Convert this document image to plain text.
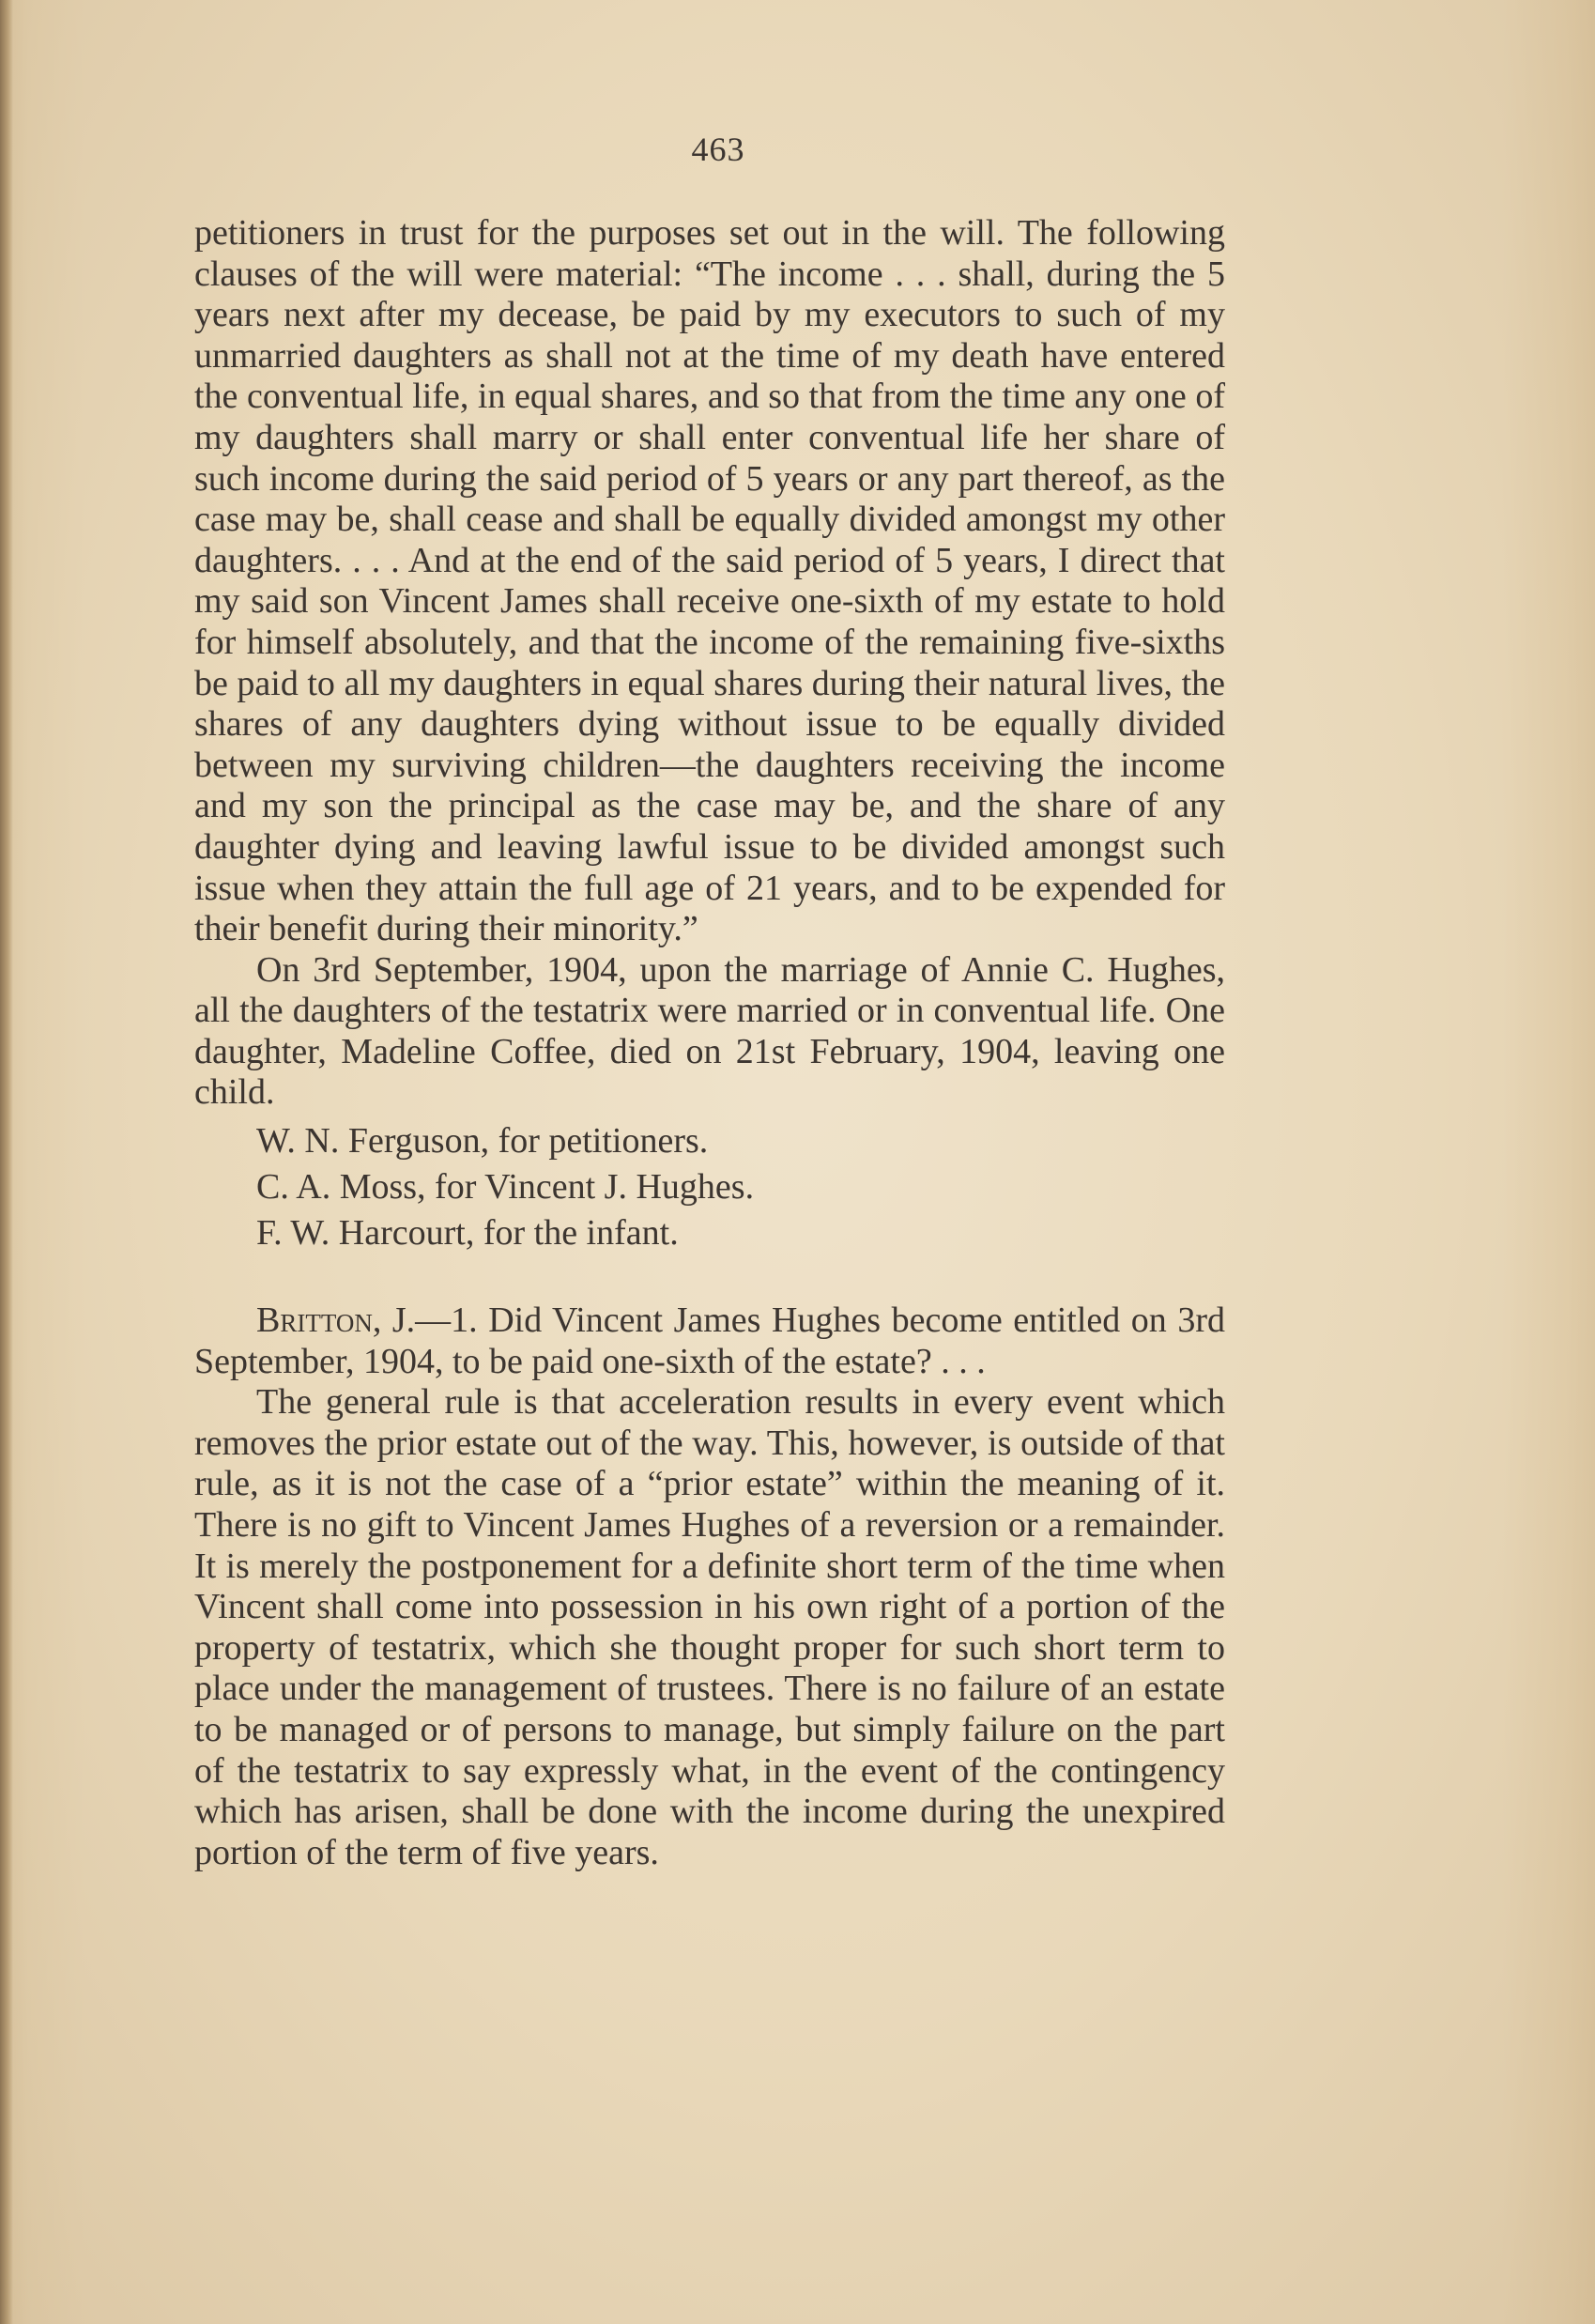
463

petitioners in trust for the purposes set out in the will. The following clauses of the will were material: “The income . . . shall, during the 5 years next after my decease, be paid by my executors to such of my unmarried daughters as shall not at the time of my death have entered the conventual life, in equal shares, and so that from the time any one of my daughters shall marry or shall enter conventual life her share of such income during the said period of 5 years or any part thereof, as the case may be, shall cease and shall be equally divided amongst my other daughters. . . . And at the end of the said period of 5 years, I direct that my said son Vincent James shall receive one-sixth of my estate to hold for himself absolutely, and that the income of the remaining five-sixths be paid to all my daughters in equal shares during their natural lives, the shares of any daughters dying without issue to be equally divided between my surviving children—the daughters receiving the income and my son the principal as the case may be, and the share of any daughter dying and leaving lawful issue to be divided amongst such issue when they attain the full age of 21 years, and to be expended for their benefit during their minority.”

On 3rd September, 1904, upon the marriage of Annie C. Hughes, all the daughters of the testatrix were married or in conventual life. One daughter, Madeline Coffee, died on 21st February, 1904, leaving one child.

W. N. Ferguson, for petitioners.
C. A. Moss, for Vincent J. Hughes.
F. W. Harcourt, for the infant.

Britton, J.—1. Did Vincent James Hughes become entitled on 3rd September, 1904, to be paid one-sixth of the estate? . . .

The general rule is that acceleration results in every event which removes the prior estate out of the way. This, however, is outside of that rule, as it is not the case of a “prior estate” within the meaning of it. There is no gift to Vincent James Hughes of a reversion or a remainder. It is merely the postponement for a definite short term of the time when Vincent shall come into possession in his own right of a portion of the property of testatrix, which she thought proper for such short term to place under the management of trustees. There is no failure of an estate to be managed or of persons to manage, but simply failure on the part of the testatrix to say expressly what, in the event of the contingency which has arisen, shall be done with the income during the unexpired portion of the term of five years.
